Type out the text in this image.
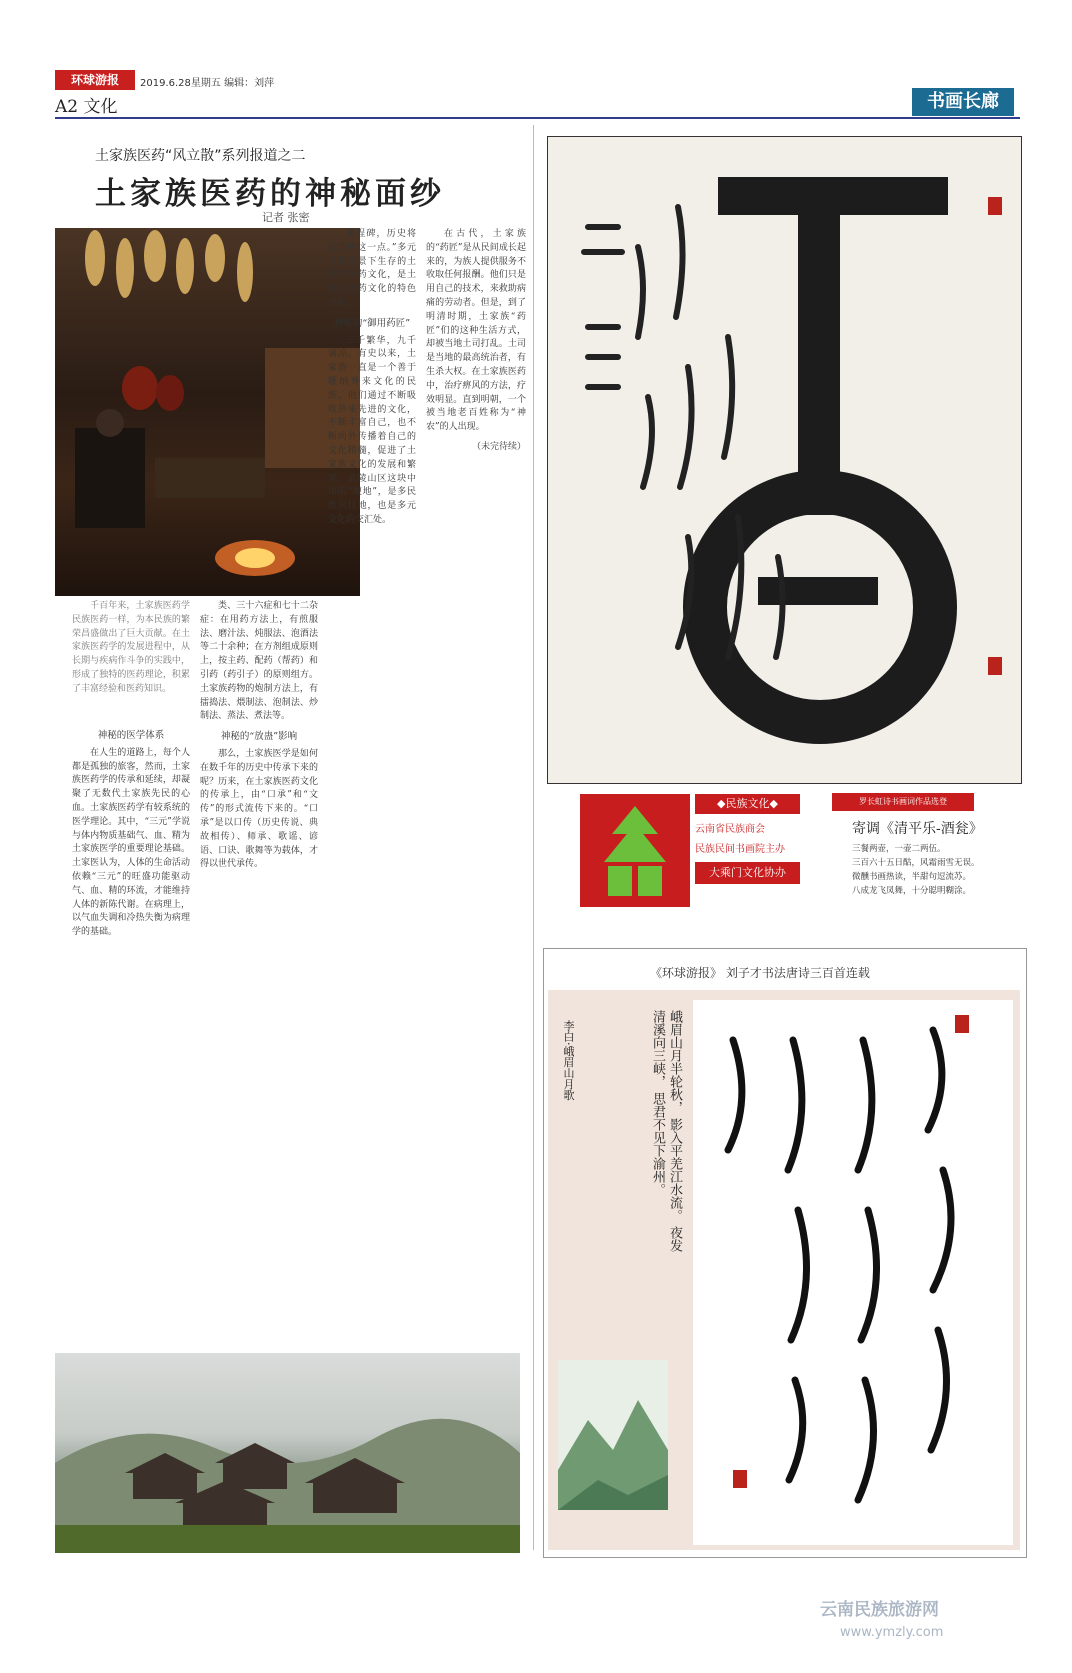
环球游报	2019.6.28星期五 编辑：刘萍
A2 文化	书画长廊
土家族医药“风立散”系列报道之二
土家族医药的神秘面纱
记者 张密

千百年来，土家族医药学民族医药一样，为本民族的繁荣昌盛做出了巨大贡献。在土家族医药学的发展进程中，从长期与疾病作斗争的实践中，形成了独特的医药理论，积累了丰富经验和医药知识。

神秘的医学体系

在人生的道路上，每个人都是孤独的旅客，然而，土家族医药学的传承和延续，却凝聚了无数代土家族先民的心血。土家族医药学有较系统的医学理论。其中，“三元”学说与体内物质基础气、血、精为土家族医学的重要理论基础。土家医认为，人体的生命活动依赖“三元”的旺盛功能驱动气、血、精的环流，才能维持人体的新陈代谢。在病理上，以气血失调和冷热失衡为病理学的基础。

类、三十六症和七十二杂症：在用药方法上，有煎服法、磨汁法、炖服法、泡酒法等二十余种；在方剂组成原则上，按主药、配药（帮药）和引药（药引子）的原则组方。土家族药物的炮制方法上，有擂捣法、煨制法、泡制法、炒制法、蒸法、煮法等。

神秘的“放蛊”影响

那么，土家族医学是如何在数千年的历史中传承下来的呢？历来，在土家族医药文化的传承上，由“口承”和“文传”的形式流传下来的。“口承”是以口传（历史传说、典故相传）、师承、歌谣、谚语、口诀、歌舞等为载体，才得以世代承传。

里程碑，历史将会证明这一点。”多元文化背景下生存的土家族医药文化，是土家族医药文化的特色所在。

神秘的“御用药匠”

三千繁华，九千谪凉。有史以来，土家族一直是一个善于吸纳外来文化的民族。他们通过不断吸收外来先进的文化，不断丰富自己，也不断向外传播着自己的文化精髓，促进了土家族文化的发展和繁荣。武陵山区这块中国的“腹地”，是多民族居住地，也是多元文化的交汇处。

在古代，土家族的“药匠”是从民间成长起来的，为族人提供服务不收取任何报酬。他们只是用自己的技术，来救助病痛的劳动者。但是，到了明清时期，土家族“药匠”们的这种生活方式，却被当地土司打乱。土司是当地的最高统治者，有生杀大权。在土家族医药中，治疗痹风的方法，疗效明显。直到明朝，一个被当地老百姓称为“神农”的人出现。

（未完待续）

◆民族文化◆
云南省民族商会
民族民间书画院主办
大乘门文化协办
罗长虹诗书画词作品选登
寄调《清平乐-酒瓮》
三餐两壶，一壶二两伍。
三百六十五日酤，风霜雨雪无误。
微醺书画热读，半甜句逗流苏。
八成龙飞凤舞，十分聪明糊涂。
《环球游报》 刘子才书法唐诗三百首连载
峨眉山月半轮秋， 影入平羌江水流。 夜发清溪向三峡， 思君不见下渝州。
李白·峨眉山月歌
云南民族旅游网
www.ymzly.com
